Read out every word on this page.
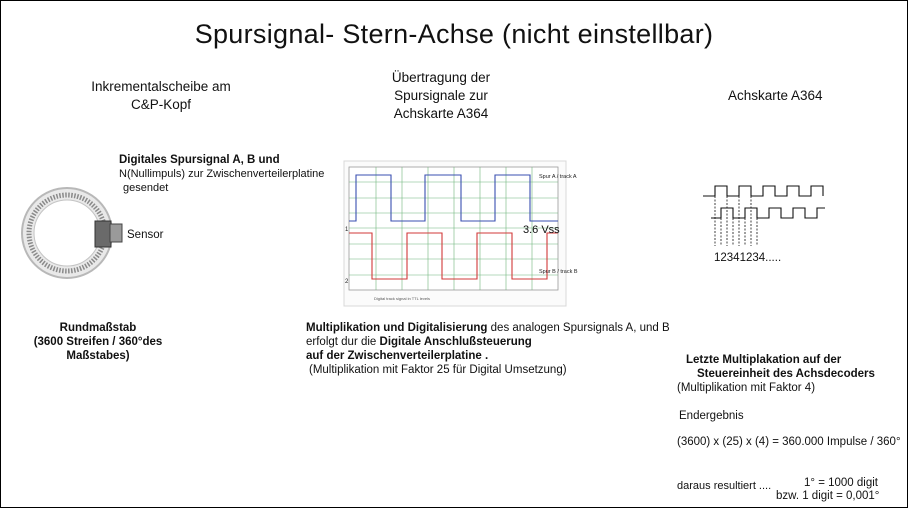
Spursignal- Stern-Achse (nicht einstellbar)
Inkrementalscheibe am
C&P-Kopf
Übertragung der
Spursignale zur
Achskarte A364
Achskarte A364
Digitales Spursignal A, B und
N(Nullimpuls) zur Zwischenverteilerplatine
gesendet
Sensor
Spur A / track A
Spur B / track B
1
2
Digital track signal in TTL levels
3.6 Vss
12341234.....
Rundmaßstab
(3600 Streifen / 360°des
Maßstabes)
Multiplikation und Digitalisierung des analogen Spursignals A, und B
erfolgt dur die Digitale Anschlußsteuerung
auf der Zwischenverteilerplatine .
(Multiplikation mit Faktor 25 für Digital Umsetzung)
Letzte Multiplakation auf der
Steuereinheit des Achsdecoders
(Multiplikation mit Faktor 4)
Endergebnis
(3600) x (25) x (4) = 360.000 Impulse / 360°
daraus resultiert ....	1° = 1000 digit
bzw. 1 digit = 0,001°
